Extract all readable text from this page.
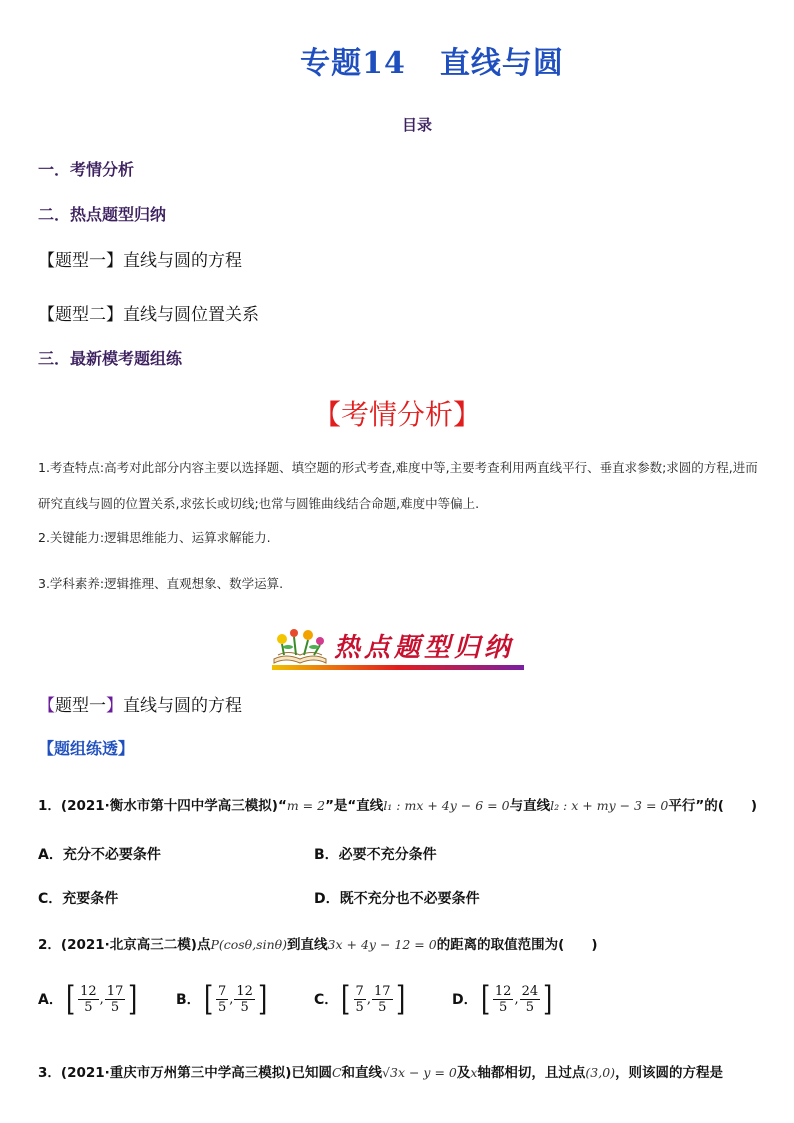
专题14 直线与圆
目录
一．考情分析
二．热点题型归纳
【题型一】直线与圆的方程
【题型二】直线与圆位置关系
三．最新模考题组练
【考情分析】
1.考查特点:高考对此部分内容主要以选择题、填空题的形式考查,难度中等,主要考查利用两直线平行、垂直求参数;求圆的方程,进而研究直线与圆的位置关系,求弦长或切线;也常与圆锥曲线结合命题,难度中等偏上.
2.关键能力:逻辑思维能力、运算求解能力.
3.学科素养:逻辑推理、直观想象、数学运算.
热点题型归纳
【题型一】直线与圆的方程
【题组练透】
1．(2021·衡水市第十四中学高三模拟)“m = 2”是“直线l₁ : mx + 4y − 6 = 0与直线l₂ : x + my − 3 = 0平行”的(　　)
A．充分不必要条件	B．必要不充分条件
C．充要条件	D．既不充分也不必要条件
2．(2021·北京高三二模)点P(cosθ,sinθ)到直线3x + 4y − 12 = 0的距离的取值范围为(　　)
A． [ $\frac{12}{5}$ , $\frac{17}{5}$ ]	B． [ $\frac{7}{5}$ , $\frac{12}{5}$ ]	C． [ $\frac{7}{5}$ , $\frac{17}{5}$ ]	D． [ $\frac{12}{5}$ , $\frac{24}{5}$ ]
3．(2021·重庆市万州第三中学高三模拟)已知圆C和直线√3x − y = 0及x轴都相切，且过点(3,0)，则该圆的方程是
